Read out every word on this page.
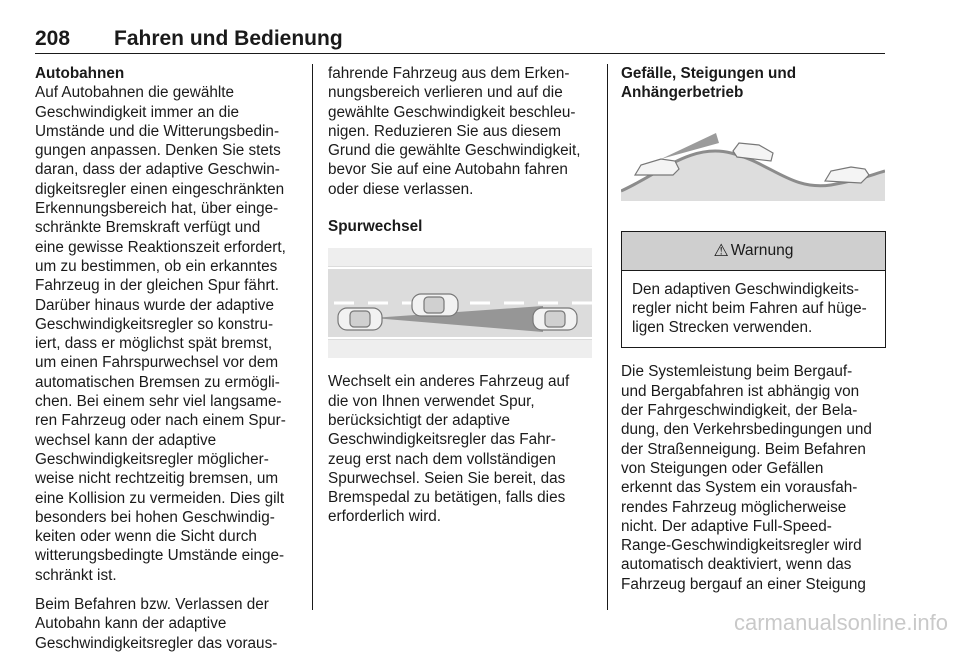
208 Fahren und Bedienung
Autobahnen

Auf Autobahnen die gewählte
Geschwindigkeit immer an die
Umstände und die Witterungsbedin-
gungen anpassen. Denken Sie stets
daran, dass der adaptive Geschwin-
digkeitsregler einen eingeschränkten
Erkennungsbereich hat, über einge-
schränkte Bremskraft verfügt und
eine gewisse Reaktionszeit erfordert,
um zu bestimmen, ob ein erkanntes
Fahrzeug in der gleichen Spur fährt.
Darüber hinaus wurde der adaptive
Geschwindigkeitsregler so konstru-
iert, dass er möglichst spät bremst,
um einen Fahrspurwechsel vor dem
automatischen Bremsen zu ermögli-
chen. Bei einem sehr viel langsame-
ren Fahrzeug oder nach einem Spur-
wechsel kann der adaptive
Geschwindigkeitsregler möglicher-
weise nicht rechtzeitig bremsen, um
eine Kollision zu vermeiden. Dies gilt
besonders bei hohen Geschwindig-
keiten oder wenn die Sicht durch
witterungsbedingte Umstände einge-
schränkt ist.

Beim Befahren bzw. Verlassen der
Autobahn kann der adaptive
Geschwindigkeitsregler das voraus-

fahrende Fahrzeug aus dem Erken-
nungsbereich verlieren und auf die
gewählte Geschwindigkeit beschleu-
nigen. Reduzieren Sie aus diesem
Grund die gewählte Geschwindigkeit,
bevor Sie auf eine Autobahn fahren
oder diese verlassen.

Spurwechsel

Wechselt ein anderes Fahrzeug auf
die von Ihnen verwendet Spur,
berücksichtigt der adaptive
Geschwindigkeitsregler das Fahr-
zeug erst nach dem vollständigen
Spurwechsel. Seien Sie bereit, das
Bremspedal zu betätigen, falls dies
erforderlich wird.

Gefälle, Steigungen und
Anhängerbetrieb
⚠ Warnung
Den adaptiven Geschwindigkeits-
regler nicht beim Fahren auf hüge-
ligen Strecken verwenden.

Die Systemleistung beim Bergauf-
und Bergabfahren ist abhängig von
der Fahrgeschwindigkeit, der Bela-
dung, den Verkehrsbedingungen und
der Straßenneigung. Beim Befahren
von Steigungen oder Gefällen
erkennt das System ein vorausfah-
rendes Fahrzeug möglicherweise
nicht. Der adaptive Full-Speed-
Range-Geschwindigkeitsregler wird
automatisch deaktiviert, wenn das
Fahrzeug bergauf an einer Steigung

carmanualsonline.info
